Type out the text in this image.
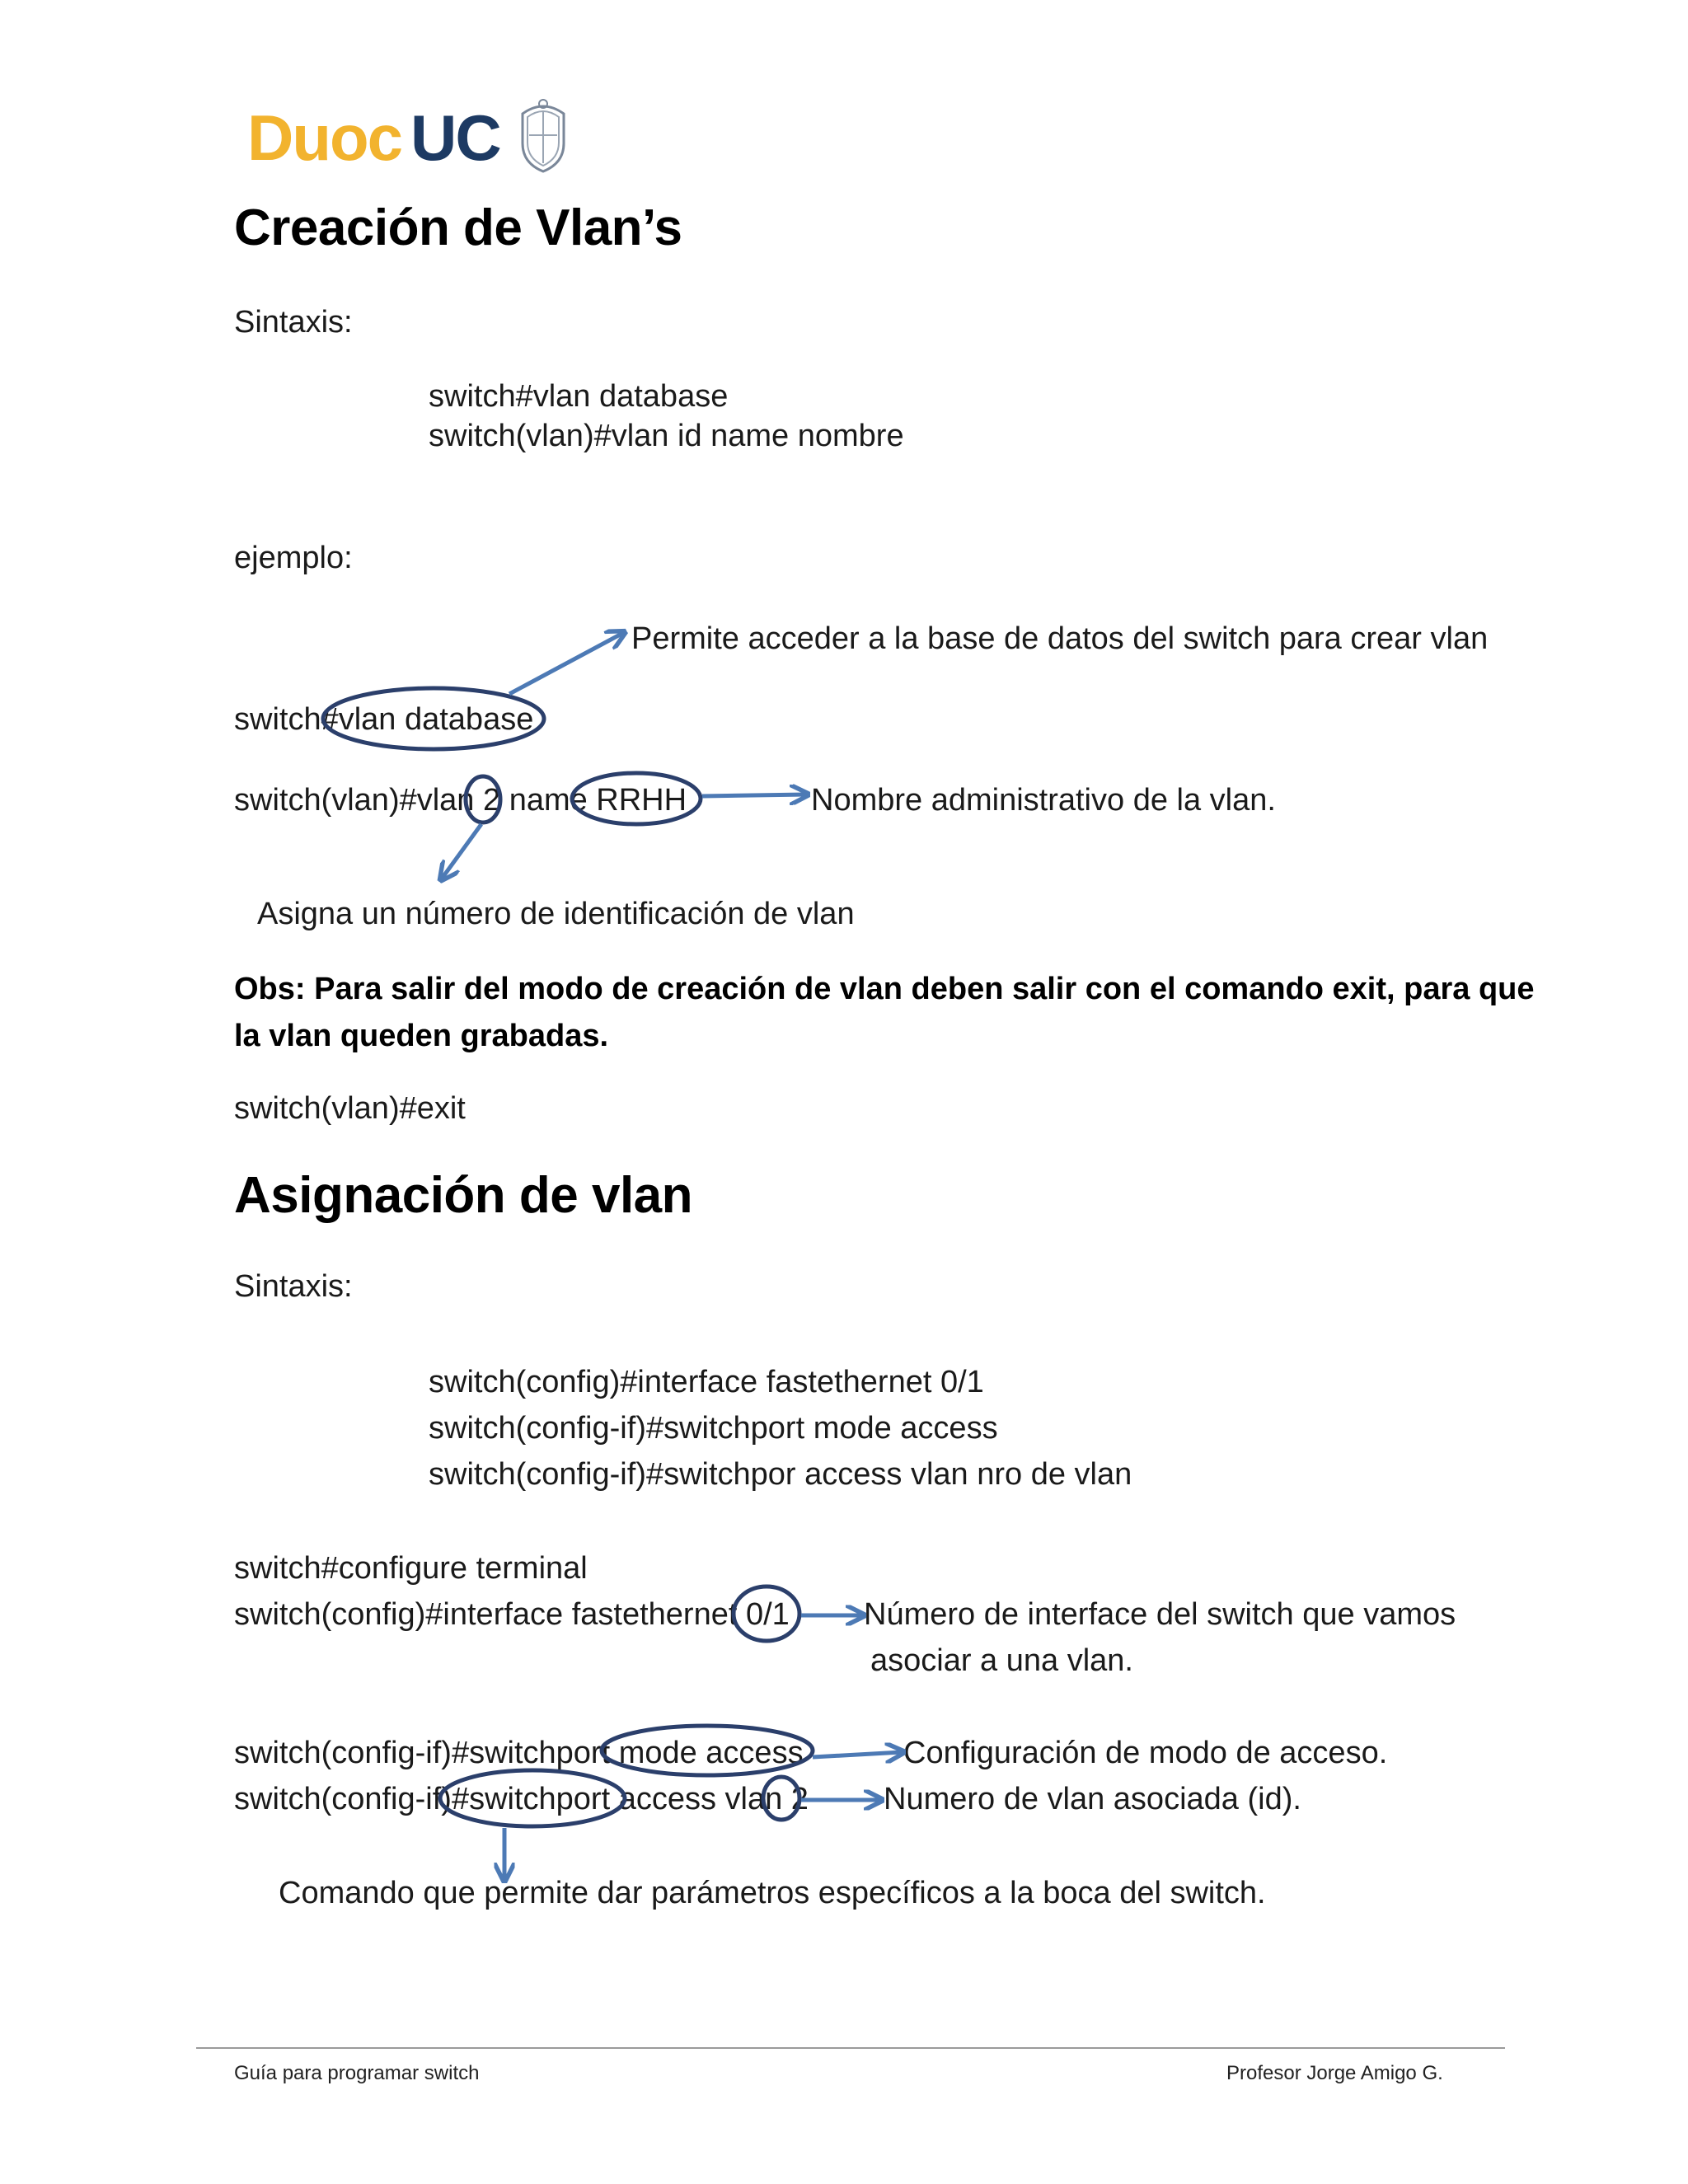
Duoc UC
Creación de Vlan’s
Sintaxis:
switch#vlan database
switch(vlan)#vlan id name nombre
ejemplo:
Permite acceder a la base de datos del switch para crear vlan
switch#vlan database
switch(vlan)#vlan 2 name RRHH	Nombre administrativo de la vlan.
Asigna un número de identificación de vlan
Obs: Para salir del modo de creación de vlan deben salir con el comando exit, para que
la vlan queden grabadas.
switch(vlan)#exit
Asignación de vlan
Sintaxis:
switch(config)#interface fastethernet 0/1
switch(config-if)#switchport mode access
switch(config-if)#switchpor access vlan nro de vlan
switch#configure terminal
switch(config)#interface fastethernet 0/1 Número de interface del switch que vamos
asociar a una vlan.
switch(config-if)#switchport mode access	Configuración de modo de acceso.
switch(config-if)#switchport access vlan 2 Numero de vlan asociada (id).
Comando que permite dar parámetros específicos a la boca del switch.
Guía para programar switch	Profesor Jorge Amigo G.
